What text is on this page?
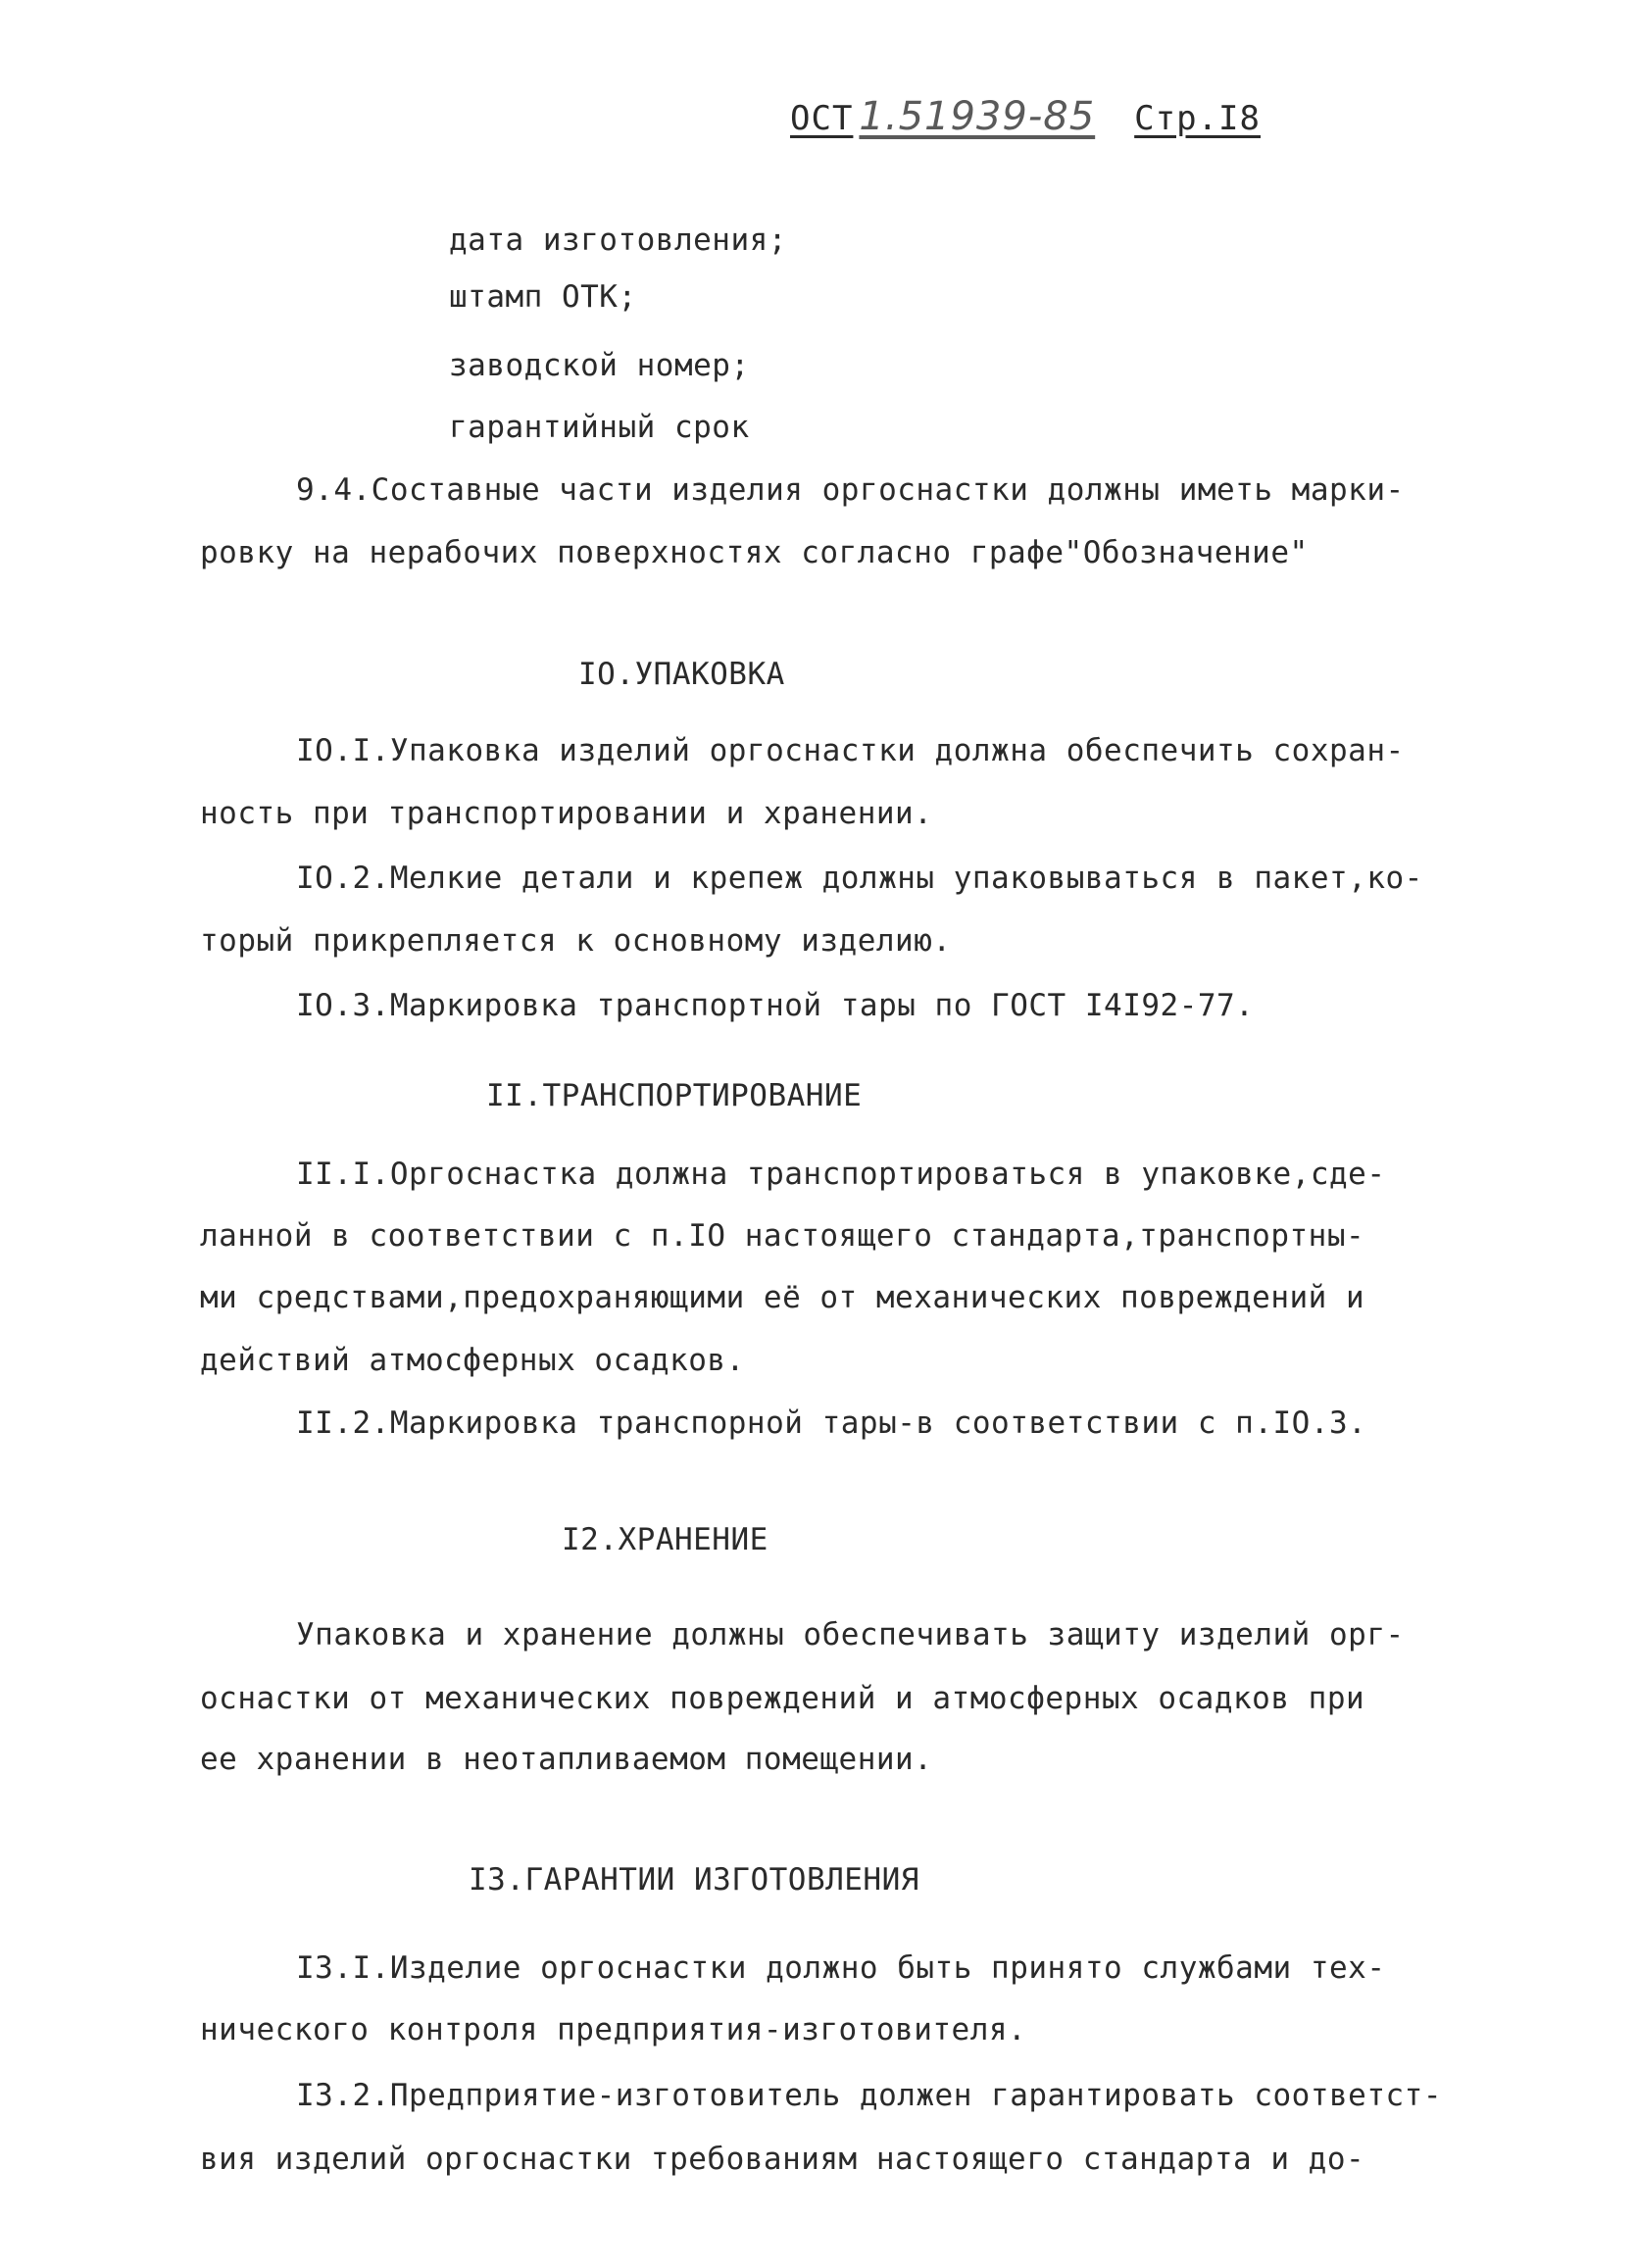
ОСТ 1.51939-85 Стр.I8
дата изготовления;
штамп ОТК;
заводской номер;
гарантийный срок
9.4.Составные части изделия оргоснастки должны иметь марки-
ровку на нерабочих поверхностях согласно графе"Обозначение"
IO.УПАКОВКА
IO.I.Упаковка изделий оргоснастки должна обеспечить сохран-
ность при транспортировании и хранении.
IO.2.Мелкие детали и крепеж должны упаковываться в пакет,ко-
торый прикрепляется к основному изделию.
IO.3.Маркировка транспортной тары по ГОСТ I4I92-77.
II.ТРАНСПОРТИРОВАНИЕ
II.I.Оргоснастка должна транспортироваться в упаковке,сде-
ланной в соответствии с п.IO настоящего стандарта,транспортны-
ми средствами,предохраняющими её от механических повреждений и
действий атмосферных осадков.
II.2.Маркировка транспорной тары-в соответствии с п.IO.3.
I2.ХРАНЕНИЕ
Упаковка и хранение должны обеспечивать защиту изделий орг-
оснастки от механических повреждений и атмосферных осадков при
ее хранении в неотапливаемом помещении.
I3.ГАРАНТИИ ИЗГОТОВЛЕНИЯ
I3.I.Изделие оргоснастки должно быть принято службами тех-
нического контроля предприятия-изготовителя.
I3.2.Предприятие-изготовитель должен гарантировать соответст-
вия изделий оргоснастки требованиям настоящего стандарта и до-
